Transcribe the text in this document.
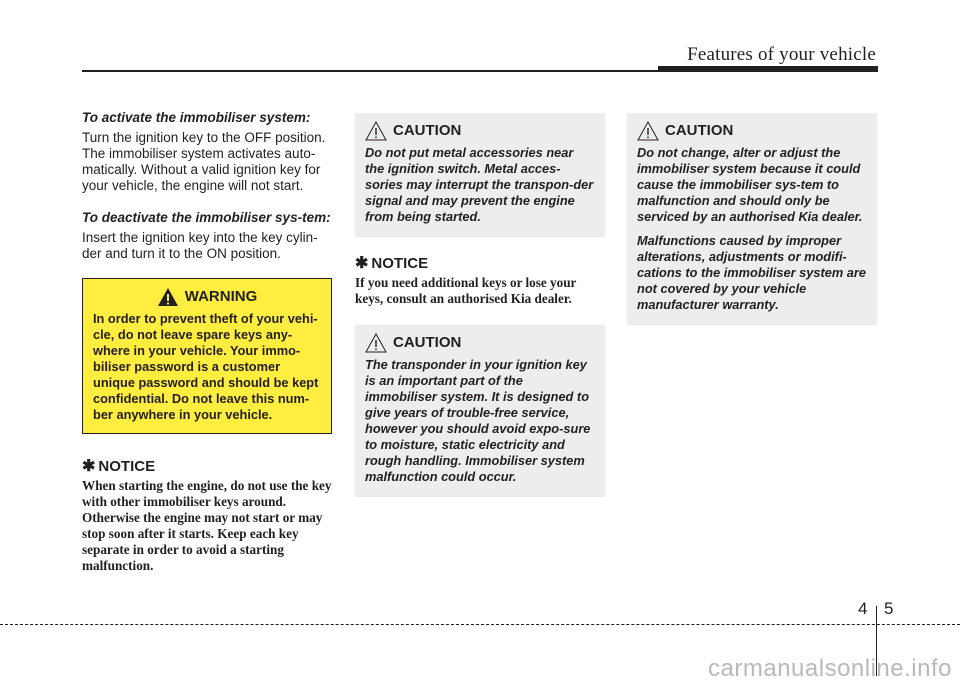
Features of your vehicle

To activate the immobiliser system:

Turn the ignition key to the OFF position. The immobiliser system activates auto-matically. Without a valid ignition key for your vehicle, the engine will not start.

To deactivate the immobiliser sys-tem:

Insert the ignition key into the key cylin-der and turn it to the ON position.

WARNING
In order to prevent theft of your vehi-cle, do not leave spare keys any-where in your vehicle. Your immo-biliser password is a customer unique password and should be kept confidential. Do not leave this num-ber anywhere in your vehicle.

✱ NOTICE

When starting the engine, do not use the key with other immobiliser keys around. Otherwise the engine may not start or may stop soon after it starts. Keep each key separate in order to avoid a starting malfunction.

CAUTION

Do not put metal accessories near the ignition switch. Metal acces-sories may interrupt the transpon-der signal and may prevent the engine from being started.

✱ NOTICE

If you need additional keys or lose your keys, consult an authorised Kia dealer.

CAUTION

The transponder in your ignition key is an important part of the immobiliser system. It is designed to give years of trouble-free service, however you should avoid expo-sure to moisture, static electricity and rough handling. Immobiliser system malfunction could occur.

CAUTION

Do not change, alter or adjust the immobiliser system because it could cause the immobiliser sys-tem to malfunction and should only be serviced by an authorised Kia dealer.

Malfunctions caused by improper alterations, adjustments or modifi-cations to the immobiliser system are not covered by your vehicle manufacturer warranty.

4 5
carmanualsonline.info
